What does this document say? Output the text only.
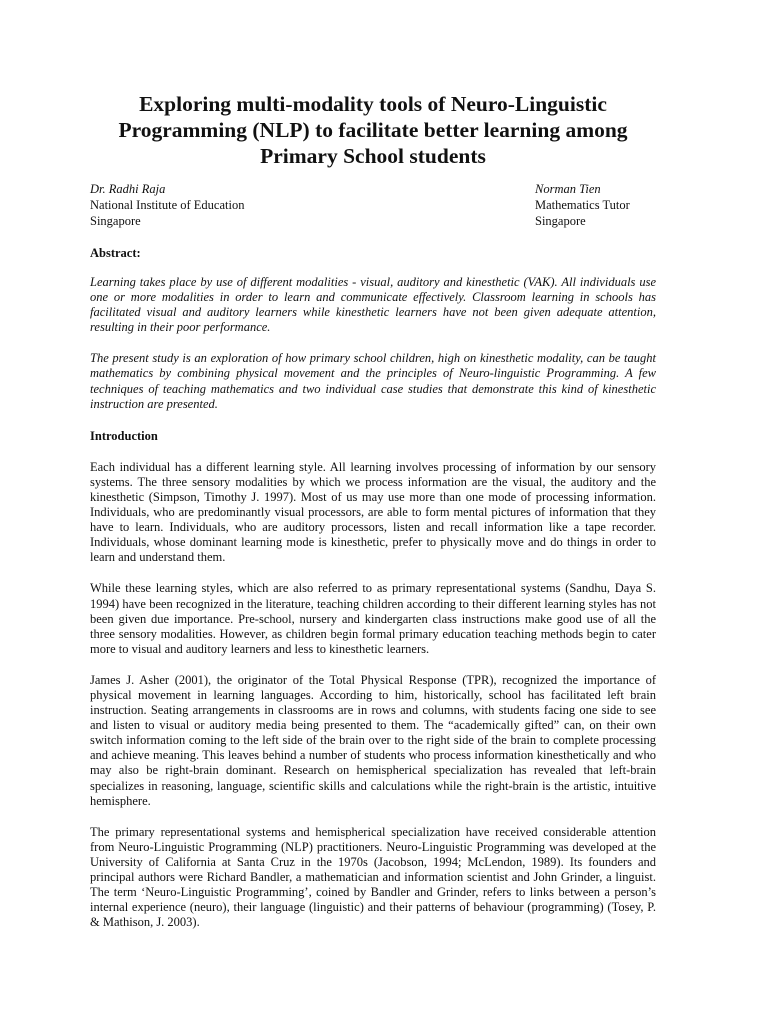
Exploring multi-modality tools of Neuro-Linguistic Programming (NLP) to facilitate better learning among Primary School students
Dr. Radhi Raja
National Institute of Education
Singapore
Norman Tien
Mathematics Tutor
Singapore
Abstract:

Learning takes place by use of different modalities - visual, auditory and kinesthetic (VAK). All individuals use one or more modalities in order to learn and communicate effectively. Classroom learning in schools has facilitated visual and auditory learners while kinesthetic learners have not been given adequate attention, resulting in their poor performance.

The present study is an exploration of how primary school children, high on kinesthetic modality, can be taught mathematics by combining physical movement and the principles of Neuro-linguistic Programming. A few techniques of teaching mathematics and two individual case studies that demonstrate this kind of kinesthetic instruction are presented.

Introduction

Each individual has a different learning style. All learning involves processing of information by our sensory systems. The three sensory modalities by which we process information are the visual, the auditory and the kinesthetic (Simpson, Timothy J. 1997). Most of us may use more than one mode of processing information. Individuals, who are predominantly visual processors, are able to form mental pictures of information that they have to learn. Individuals, who are auditory processors, listen and recall information like a tape recorder. Individuals, whose dominant learning mode is kinesthetic, prefer to physically move and do things in order to learn and understand them.

While these learning styles, which are also referred to as primary representational systems (Sandhu, Daya S. 1994) have been recognized in the literature, teaching children according to their different learning styles has not been given due importance. Pre-school, nursery and kindergarten class instructions make good use of all the three sensory modalities. However, as children begin formal primary education teaching methods begin to cater more to visual and auditory learners and less to kinesthetic learners.

James J. Asher (2001), the originator of the Total Physical Response (TPR), recognized the importance of physical movement in learning languages. According to him, historically, school has facilitated left brain instruction. Seating arrangements in classrooms are in rows and columns, with students facing one side to see and listen to visual or auditory media being presented to them. The “academically gifted” can, on their own switch information coming to the left side of the brain over to the right side of the brain to complete processing and achieve meaning. This leaves behind a number of students who process information kinesthetically and who may also be right-brain dominant. Research on hemispherical specialization has revealed that left-brain specializes in reasoning, language, scientific skills and calculations while the right-brain is the artistic, intuitive hemisphere.

The primary representational systems and hemispherical specialization have received considerable attention from Neuro-Linguistic Programming (NLP) practitioners. Neuro-Linguistic Programming was developed at the University of California at Santa Cruz in the 1970s (Jacobson, 1994; McLendon, 1989). Its founders and principal authors were Richard Bandler, a mathematician and information scientist and John Grinder, a linguist. The term ‘Neuro-Linguistic Programming’, coined by Bandler and Grinder, refers to links between a person’s internal experience (neuro), their language (linguistic) and their patterns of behaviour (programming) (Tosey, P. & Mathison, J. 2003).
